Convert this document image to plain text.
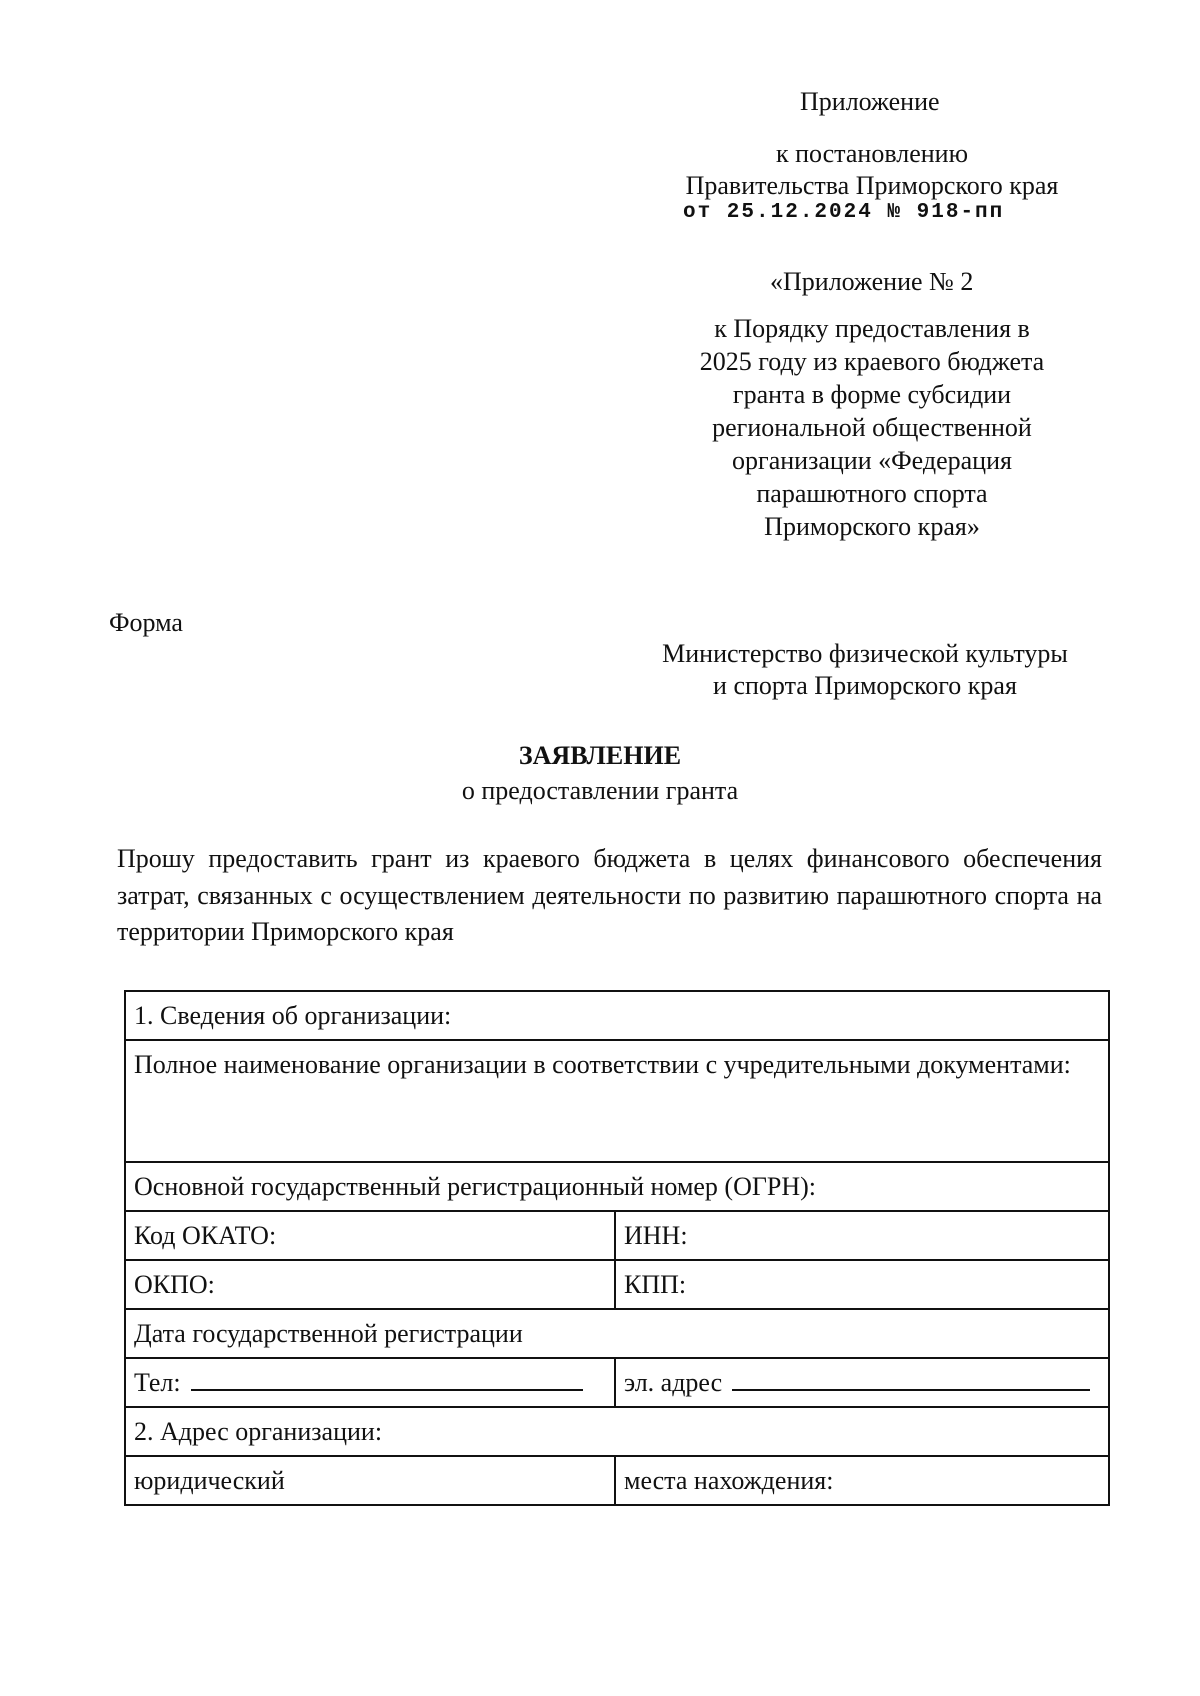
Приложение
к постановлению
Правительства Приморского края
от 25.12.2024 № 918-пп
«Приложение № 2
к Порядку предоставления в
2025 году из краевого бюджета
гранта в форме субсидии
региональной общественной
организации «Федерация
парашютного спорта
Приморского края»
Форма
Министерство физической культуры
и спорта Приморского края
ЗАЯВЛЕНИЕ
о предоставлении гранта
Прошу предоставить грант из краевого бюджета в целях финансового обеспечения затрат, связанных с осуществлением деятельности по развитию парашютного спорта на территории Приморского края
1. Сведения об организации:	
Полное наименование организации в соответствии с учредительными документами:	
Основной государственный регистрационный номер (ОГРН):	
Код ОКАТО:	ИНН:
ОКПО:	КПП:
Дата государственной регистрации	
Тел:	эл. адрес
2. Адрес организации:	
юридический	места нахождения:
